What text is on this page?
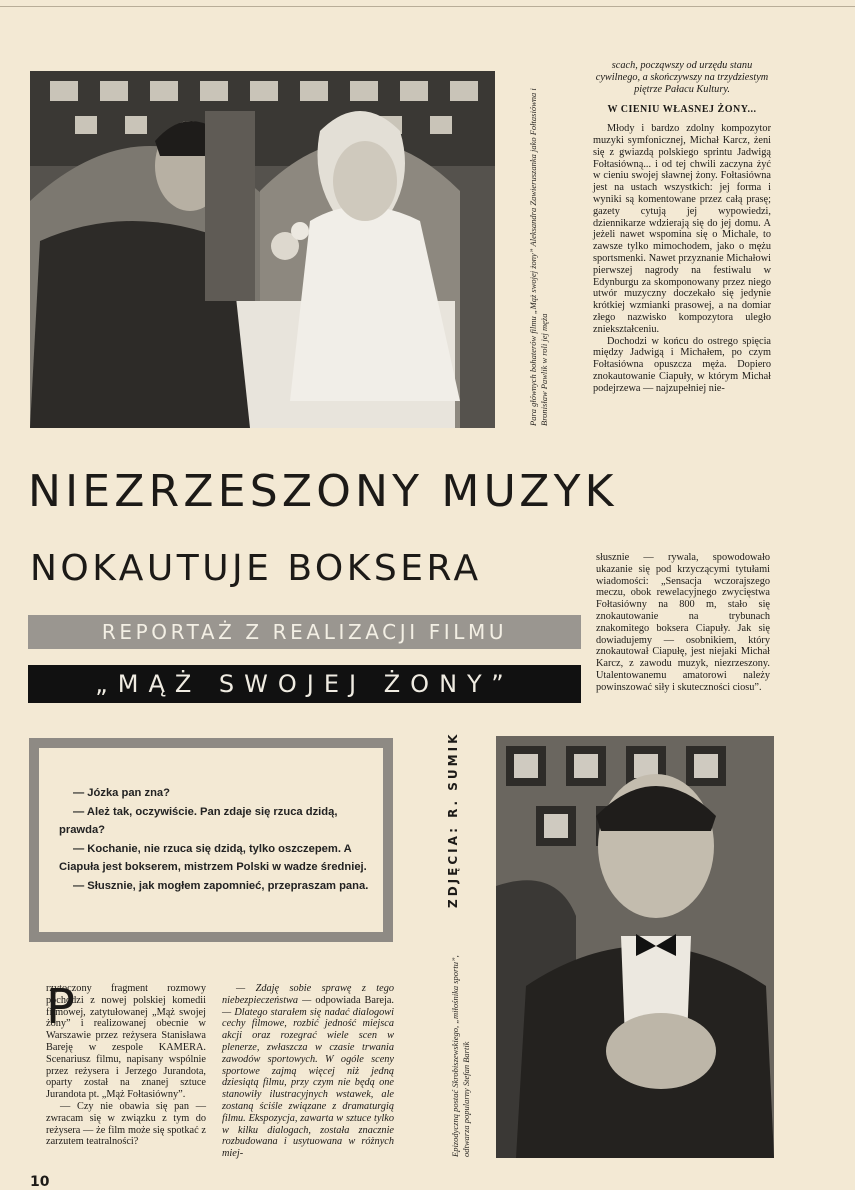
Para głównych bohaterów filmu „Mąż swojej żony” Aleksandra Zawieruszanka jako Fołtasiówna i Bronisław Pawlik w roli jej męża

scach, począwszy od urzędu stanu cywilnego, a skończywszy na trzydziestym piętrze Pałacu Kultury.

W CIENIU WŁASNEJ ŻONY...

Młody i bardzo zdolny kompozytor muzyki symfonicznej, Michał Karcz, żeni się z gwiazdą polskiego sprintu Jadwigą Fołtasiówną... i od tej chwili zaczyna żyć w cieniu swojej sławnej żony. Fołtasiówna jest na ustach wszystkich: jej forma i wyniki są komentowane przez całą prasę; gazety cytują jej wypowiedzi, dziennikarze wdzierają się do jej domu. A jeżeli nawet wspomina się o Michale, to zawsze tylko mimochodem, jako o mężu sportsmenki. Nawet przyznanie Michałowi pierwszej nagrody na festiwalu w Edynburgu za skomponowany przez niego utwór muzyczny doczekało się jedynie krótkiej wzmianki prasowej, a na domiar złego nazwisko kompozytora uległo zniekształceniu.

Dochodzi w końcu do ostrego spięcia między Jadwigą i Michałem, po czym Fołtasiówna opuszcza męża. Dopiero znokautowanie Ciapuły, w którym Michał podejrzewa — najzupełniej nie-

NIEZRZESZONY MUZYK
NOKAUTUJE BOKSERA
REPORTAŻ Z REALIZACJI FILMU
„MĄŻ SWOJEJ ŻONY”

słusznie — rywala, spowodowało ukazanie się pod krzyczącymi tytułami wiadomości: „Sensacja wczorajszego meczu, obok rewelacyjnego zwycięstwa Fołtasiówny na 800 m, stało się znokautowanie na trybunach znakomitego boksera Ciapuły. Jak się dowiadujemy — osobnikiem, który znokautował Ciapułę, jest niejaki Michał Karcz, z zawodu muzyk, niezrzeszony. Utalentowanemu amatorowi należy powinszować siły i skuteczności ciosu”.

— Józka pan zna?

— Ależ tak, oczywiście. Pan zdaje się rzuca dzidą, prawda?

— Kochanie, nie rzuca się dzidą, tylko oszczepem. A Ciapuła jest bokserem, mistrzem Polski w wadze średniej.

— Słusznie, jak mogłem zapomnieć, przepraszam pana.	ZDJĘCIA: R. SUMIK
Epizodyczną postać Skrobiszewskiego, „miłośnika sportu”, odtwarza popularny Stefan Bartik
P

rzytoczony fragment rozmowy pochodzi z nowej polskiej komedii filmowej, zatytułowanej „Mąż swojej żony” i realizowanej obecnie w Warszawie przez reżysera Stanisława Bareję w zespole KAMERA. Scenariusz filmu, napisany wspólnie przez reżysera i Jerzego Jurandota, oparty został na znanej sztuce Jurandota pt. „Mąż Fołtasiówny”.

— Czy nie obawia się pan — zwracam się w związku z tym do reżysera — że film może się spotkać z zarzutem teatralności?

— Zdaję sobie sprawę z tego niebezpieczeństwa — odpowiada Bareja. — Dlatego starałem się nadać dialogowi cechy filmowe, rozbić jedność miejsca akcji oraz rozegrać wiele scen w plenerze, zwłaszcza w czasie trwania zawodów sportowych. W ogóle sceny sportowe zajmą więcej niż jedną dziesiątą filmu, przy czym nie będą one stanowiły ilustracyjnych wstawek, ale zostaną ściśle związane z dramaturgią filmu. Ekspozycja, zawarta w sztuce tylko w kilku dialogach, została znacznie rozbudowana i usytuowana w różnych miej-

10
